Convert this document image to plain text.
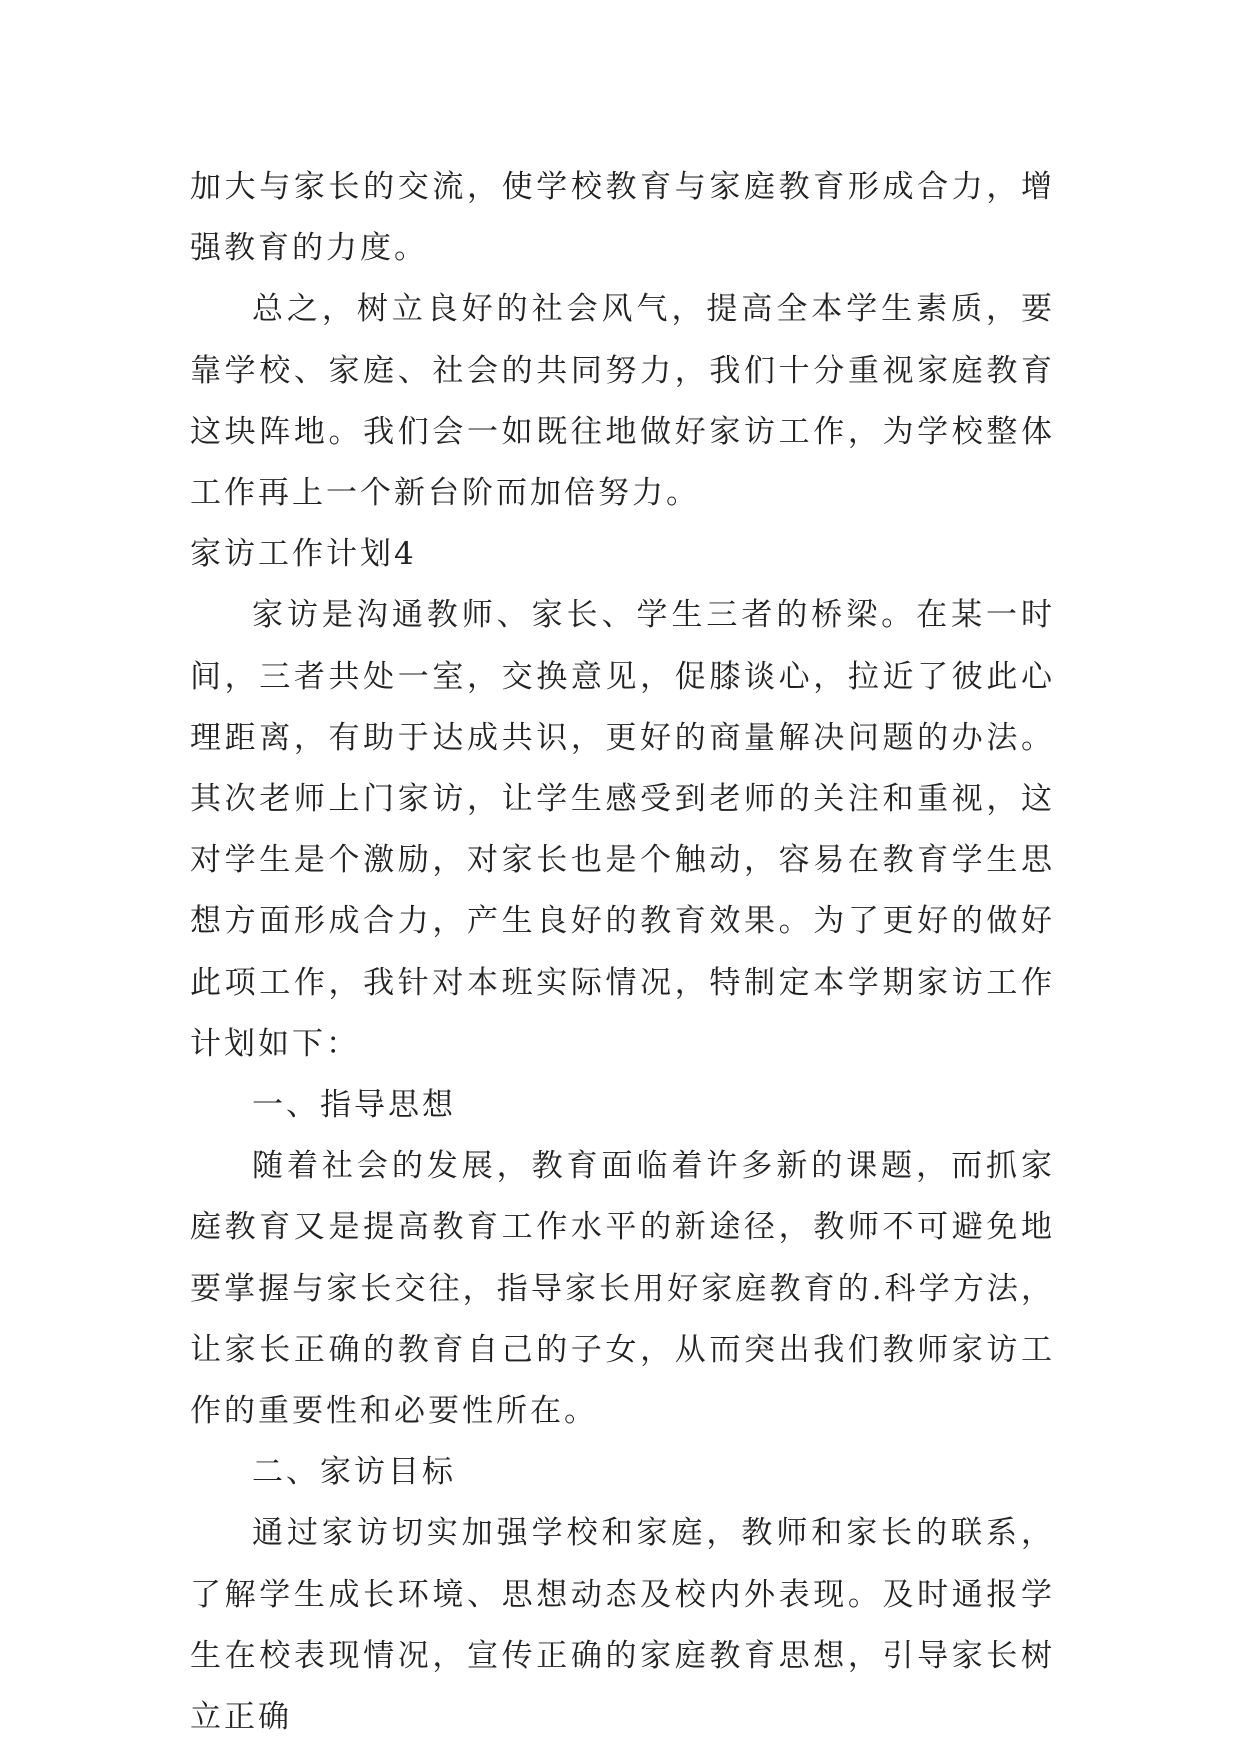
加大与家长的交流，使学校教育与家庭教育形成合力，增强教育的力度。

总之，树立良好的社会风气，提高全本学生素质，要靠学校、家庭、社会的共同努力，我们十分重视家庭教育这块阵地。我们会一如既往地做好家访工作，为学校整体工作再上一个新台阶而加倍努力。

家访工作计划4

家访是沟通教师、家长、学生三者的桥梁。在某一时间，三者共处一室，交换意见，促膝谈心，拉近了彼此心理距离，有助于达成共识，更好的商量解决问题的办法。其次老师上门家访，让学生感受到老师的关注和重视，这对学生是个激励，对家长也是个触动，容易在教育学生思想方面形成合力，产生良好的教育效果。为了更好的做好此项工作，我针对本班实际情况，特制定本学期家访工作计划如下：

一、指导思想

随着社会的发展，教育面临着许多新的课题，而抓家庭教育又是提高教育工作水平的新途径，教师不可避免地要掌握与家长交往，指导家长用好家庭教育的.科学方法，让家长正确的教育自己的子女，从而突出我们教师家访工作的重要性和必要性所在。

二、家访目标

通过家访切实加强学校和家庭，教师和家长的联系，了解学生成长环境、思想动态及校内外表现。及时通报学生在校表现情况，宣传正确的家庭教育思想，引导家长树立正确
